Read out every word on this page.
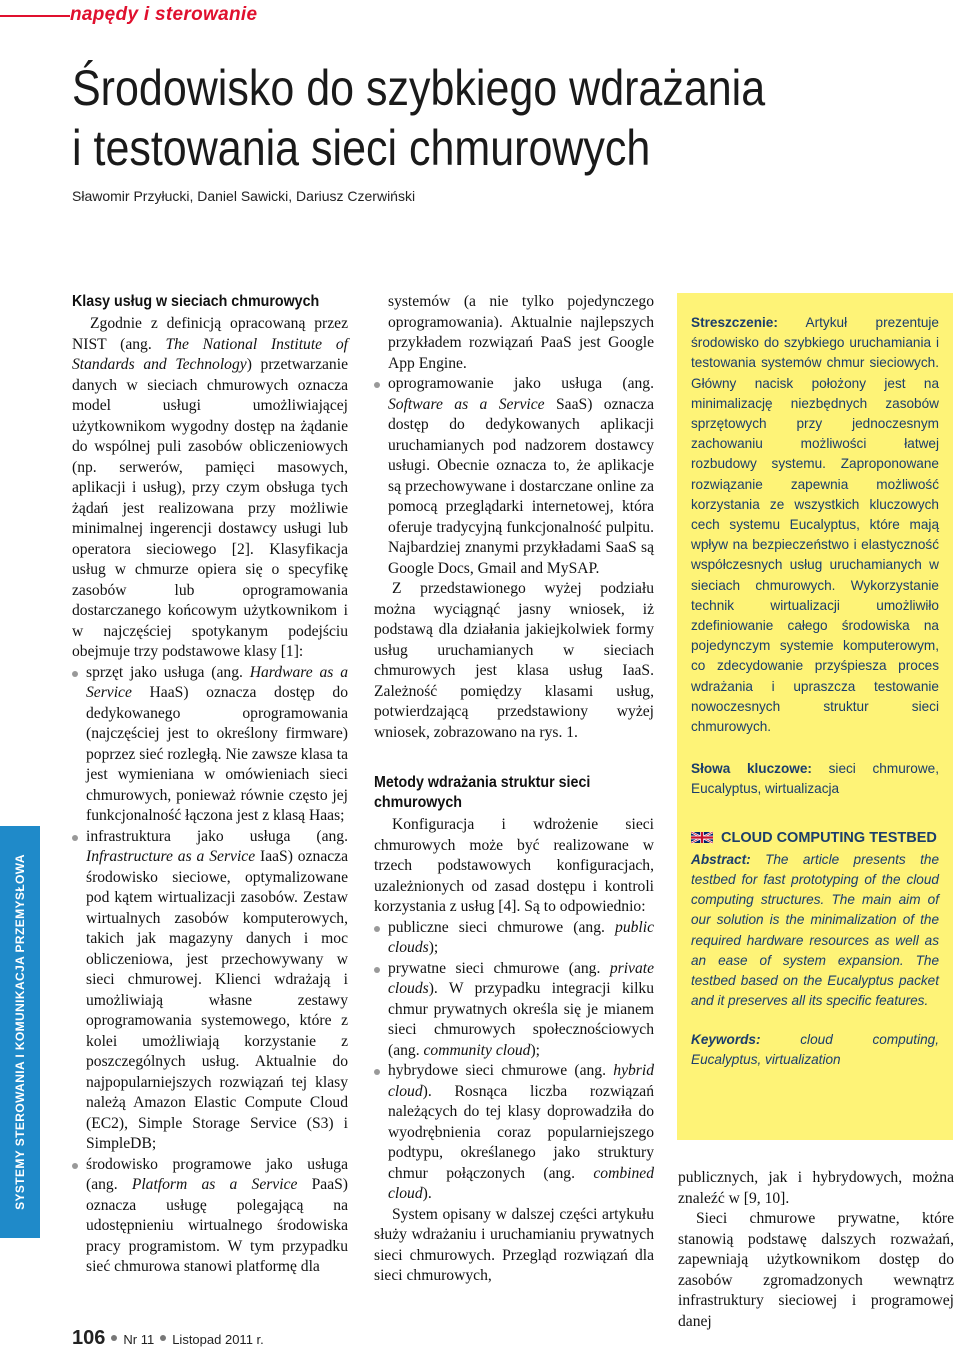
napędy i sterowanie
Środowisko do szybkiego wdrażania
i testowania sieci chmurowych
Sławomir Przyłucki, Daniel Sawicki, Dariusz Czerwiński
Klasy usług w sieciach chmurowych

Zgodnie z definicją opracowaną przez NIST (ang. The National Institute of Standards and Technology) przetwarzanie danych w sieciach chmurowych oznacza model usługi umożliwiającej użytkownikom wygodny dostęp na żądanie do wspólnej puli zasobów obliczeniowych (np. serwerów, pamięci masowych, aplikacji i usług), przy czym obsługa tych żądań jest realizowana przy możliwie minimalnej ingerencji dostawcy usługi lub operatora sieciowego [2]. Klasyfikacja usług w chmurze opiera się o specyfikę zasobów lub oprogramowania dostarczanego końcowym użytkownikom i w najczęściej spotykanym podejściu obejmuje trzy podstawowe klasy [1]:

sprzęt jako usługa (ang. Hardware as a Service HaaS) oznacza dostęp do dedykowanego oprogramowania (najczęściej jest to określony firmware) poprzez sieć rozległą. Nie zawsze klasa ta jest wymieniana w omówieniach sieci chmurowych, ponieważ równie często jej funkcjonalność łączona jest z klasą Haas;
infrastruktura jako usługa (ang. Infrastructure as a Service IaaS) oznacza środowisko sieciowe, optymalizowane pod kątem wirtualizacji zasobów. Zestaw wirtualnych zasobów komputerowych, takich jak magazyny danych i moc obliczeniowa, jest przechowywany w sieci chmurowej. Klienci wdrażają i umożliwiają własne zestawy oprogramowania systemowego, które z kolei umożliwiają korzystanie z poszczególnych usług. Aktualnie do najpopularniejszych rozwiązań tej klasy należą Amazon Elastic Compute Cloud (EC2), Simple Storage Service (S3) i SimpleDB;
środowisko programowe jako usługa (ang. Platform as a Service PaaS) oznacza usługę polegającą na udostępnieniu wirtualnego środowiska pracy programistom. W tym przypadku sieć chmurowa stanowi platformę dla
systemów (a nie tylko pojedynczego oprogramowania). Aktualnie najlepszych przykładem rozwiązań PaaS jest Google App Engine.
oprogramowanie jako usługa (ang. Software as a Service SaaS) oznacza dostęp do dedykowanych aplikacji uruchamianych pod nadzorem dostawcy usługi. Obecnie oznacza to, że aplikacje są przechowywane i dostarczane online za pomocą przeglądarki internetowej, która oferuje tradycyjną funkcjonalność pulpitu. Najbardziej znanymi przykładami SaaS są Google Docs, Gmail and MySAP.

Z przedstawionego wyżej podziału można wyciągnąć jasny wniosek, iż podstawą dla działania jakiejkolwiek formy usług uruchamianych w sieciach chmurowych jest klasa usług IaaS. Zależność pomiędzy klasami usług, potwierdzającą przedstawiony wyżej wniosek, zobrazowano na rys. 1.

Metody wdrażania struktur sieci chmurowych

Konfiguracja i wdrożenie sieci chmurowych może być realizowane w trzech podstawowych konfiguracjach, uzależnionych od zasad dostępu i kontroli korzystania z usług [4]. Są to odpowiednio:

publiczne sieci chmurowe (ang. public clouds);
prywatne sieci chmurowe (ang. private clouds). W przypadku integracji kilku chmur prywatnych określa się je mianem sieci chmurowych społecznościowych (ang. community cloud);
hybrydowe sieci chmurowe (ang. hybrid cloud). Rosnąca liczba rozwiązań należących do tej klasy doprowadziła do wyodrębnienia coraz popularniejszego podtypu, określanego jako struktury chmur połączonych (ang. combined cloud).

System opisany w dalszej części artykułu służy wdrażaniu i uruchamianiu prywatnych sieci chmurowych. Przegląd rozwiązań dla sieci chmurowych,

Streszczenie: Artykuł prezentuje środowisko do szybkiego uruchamiania i testowania systemów chmur sieciowych. Główny nacisk położony jest na minimalizację niezbędnych zasobów sprzętowych przy jednoczesnym zachowaniu możliwości łatwej rozbudowy systemu. Zaproponowane rozwiązanie zapewnia możliwość korzystania ze wszystkich kluczowych cech systemu Eucalyptus, które mają wpływ na bezpieczeństwo i elastyczność współczesnych usług uruchamianych w sieciach chmurowych. Wykorzystanie technik wirtualizacji umożliwiło zdefiniowanie całego środowiska na pojedynczym systemie komputerowym, co zdecydowanie przyśpiesza proces wdrażania i upraszcza testowanie nowoczesnych struktur sieci chmurowych.

Słowa kluczowe: sieci chmurowe, Eucalyptus, wirtualizacja

CLOUD COMPUTING TESTBED

Abstract: The article presents the testbed for fast prototyping of the cloud computing structures. The main aim of our solution is the minimalization of the required hardware resources as well as an ease of system expansion. The testbed based on the Eucalyptus packet and it preserves all its specific features.

Keywords: cloud computing, Eucalyptus, virtualization

publicznych, jak i hybrydowych, można znaleźć w [9, 10].

Sieci chmurowe prywatne, które stanowią podstawę dalszych rozważań, zapewniają użytkownikom dostęp do zasobów zgromadzonych wewnątrz infrastruktury sieciowej i programowej danej

SYSTEMY STEROWANIA I KOMUNIKACJA PRZEMYSŁOWA
106 Nr 11 Listopad 2011 r.
